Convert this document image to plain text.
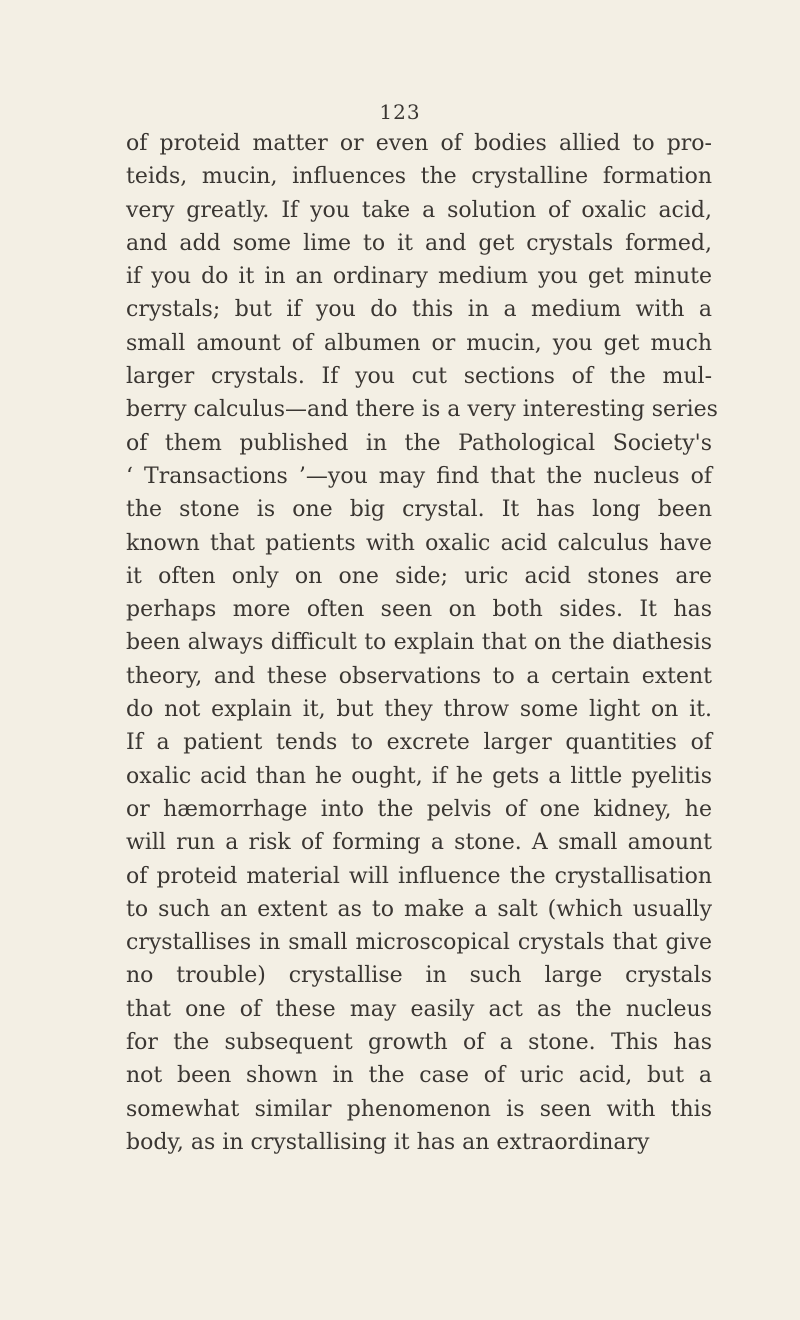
123
of proteid matter or even of bodies allied to pro-
teids, mucin, influences the crystalline formation
very greatly. If you take a solution of oxalic acid,
and add some lime to it and get crystals formed,
if you do it in an ordinary medium you get minute
crystals; but if you do this in a medium with a
small amount of albumen or mucin, you get much
larger crystals. If you cut sections of the mul-
berry calculus—and there is a very interesting series
of them published in the Pathological Society's
‘ Transactions ’—you may find that the nucleus of
the stone is one big crystal. It has long been
known that patients with oxalic acid calculus have
it often only on one side; uric acid stones are
perhaps more often seen on both sides. It has
been always difficult to explain that on the diathesis
theory, and these observations to a certain extent
do not explain it, but they throw some light on it.
If a patient tends to excrete larger quantities of
oxalic acid than he ought, if he gets a little pyelitis
or hæmorrhage into the pelvis of one kidney, he
will run a risk of forming a stone. A small amount
of proteid material will influence the crystallisation
to such an extent as to make a salt (which usually
crystallises in small microscopical crystals that give
no trouble) crystallise in such large crystals
that one of these may easily act as the nucleus
for the subsequent growth of a stone. This has
not been shown in the case of uric acid, but a
somewhat similar phenomenon is seen with this
body, as in crystallising it has an extraordinary
